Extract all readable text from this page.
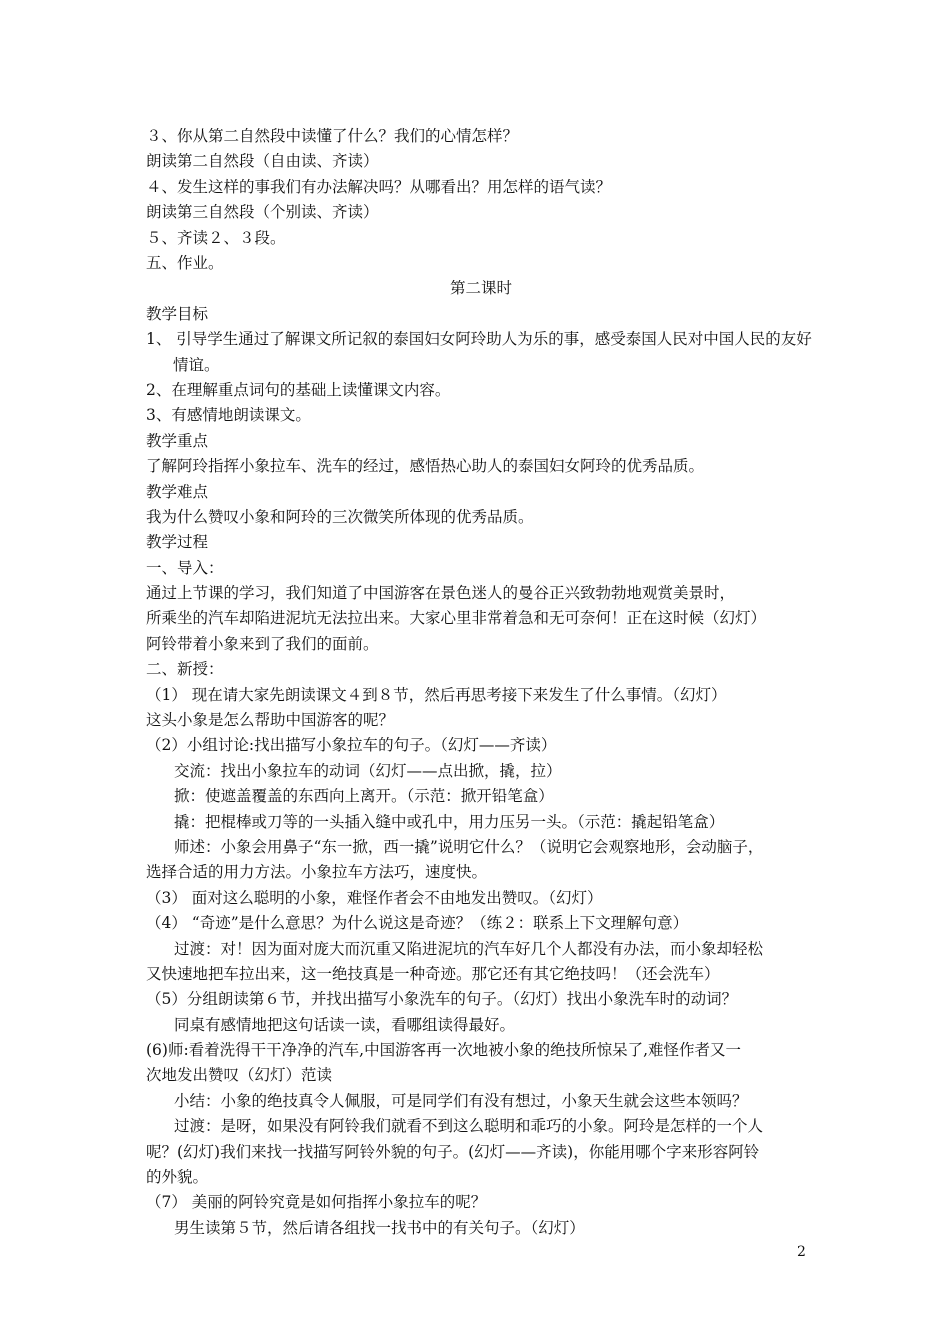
３、你从第二自然段中读懂了什么？我们的心情怎样？
朗读第二自然段（自由读、齐读）
４、发生这样的事我们有办法解决吗？从哪看出？用怎样的语气读？
朗读第三自然段（个别读、齐读）
５、齐读２、３段。
五、作业。
第二课时
教学目标
1、 引导学生通过了解课文所记叙的泰国妇女阿玲助人为乐的事，感受泰国人民对中国人民的友好情谊。
2、在理解重点词句的基础上读懂课文内容。
3、有感情地朗读课文。
教学重点
了解阿玲指挥小象拉车、洗车的经过，感悟热心助人的泰国妇女阿玲的优秀品质。
教学难点
我为什么赞叹小象和阿玲的三次微笑所体现的优秀品质。
教学过程
一、导入：
通过上节课的学习，我们知道了中国游客在景色迷人的曼谷正兴致勃勃地观赏美景时，
所乘坐的汽车却陷进泥坑无法拉出来。大家心里非常着急和无可奈何！正在这时候（幻灯）
阿铃带着小象来到了我们的面前。
二、新授：
（1） 现在请大家先朗读课文４到８节，然后再思考接下来发生了什么事情。（幻灯）
这头小象是怎么帮助中国游客的呢？
（2）小组讨论:找出描写小象拉车的句子。（幻灯——齐读）
交流：找出小象拉车的动词（幻灯——点出掀，撬，拉）
掀：使遮盖覆盖的东西向上离开。（示范：掀开铅笔盒）
撬：把棍棒或刀等的一头插入缝中或孔中，用力压另一头。（示范：撬起铅笔盒）
师述：小象会用鼻子“东一掀，西一撬”说明它什么？（说明它会观察地形，会动脑子，
选择合适的用力方法。小象拉车方法巧，速度快。
（3） 面对这么聪明的小象，难怪作者会不由地发出赞叹。（幻灯）
（4） “奇迹”是什么意思？为什么说这是奇迹？（练２：联系上下文理解句意）
过渡：对！因为面对庞大而沉重又陷进泥坑的汽车好几个人都没有办法，而小象却轻松
又快速地把车拉出来，这一绝技真是一种奇迹。那它还有其它绝技吗！（还会洗车）
（5）分组朗读第６节，并找出描写小象洗车的句子。（幻灯）找出小象洗车时的动词？
同桌有感情地把这句话读一读，看哪组读得最好。
(6)师:看着洗得干干净净的汽车,中国游客再一次地被小象的绝技所惊呆了,难怪作者又一
次地发出赞叹（幻灯）范读
小结：小象的绝技真令人佩服，可是同学们有没有想过，小象天生就会这些本领吗？
过渡：是呀，如果没有阿铃我们就看不到这么聪明和乖巧的小象。阿玲是怎样的一个人
呢？(幻灯)我们来找一找描写阿铃外貌的句子。(幻灯——齐读)，你能用哪个字来形容阿铃
的外貌。
（7） 美丽的阿铃究竟是如何指挥小象拉车的呢？
男生读第５节，然后请各组找一找书中的有关句子。（幻灯）
2
